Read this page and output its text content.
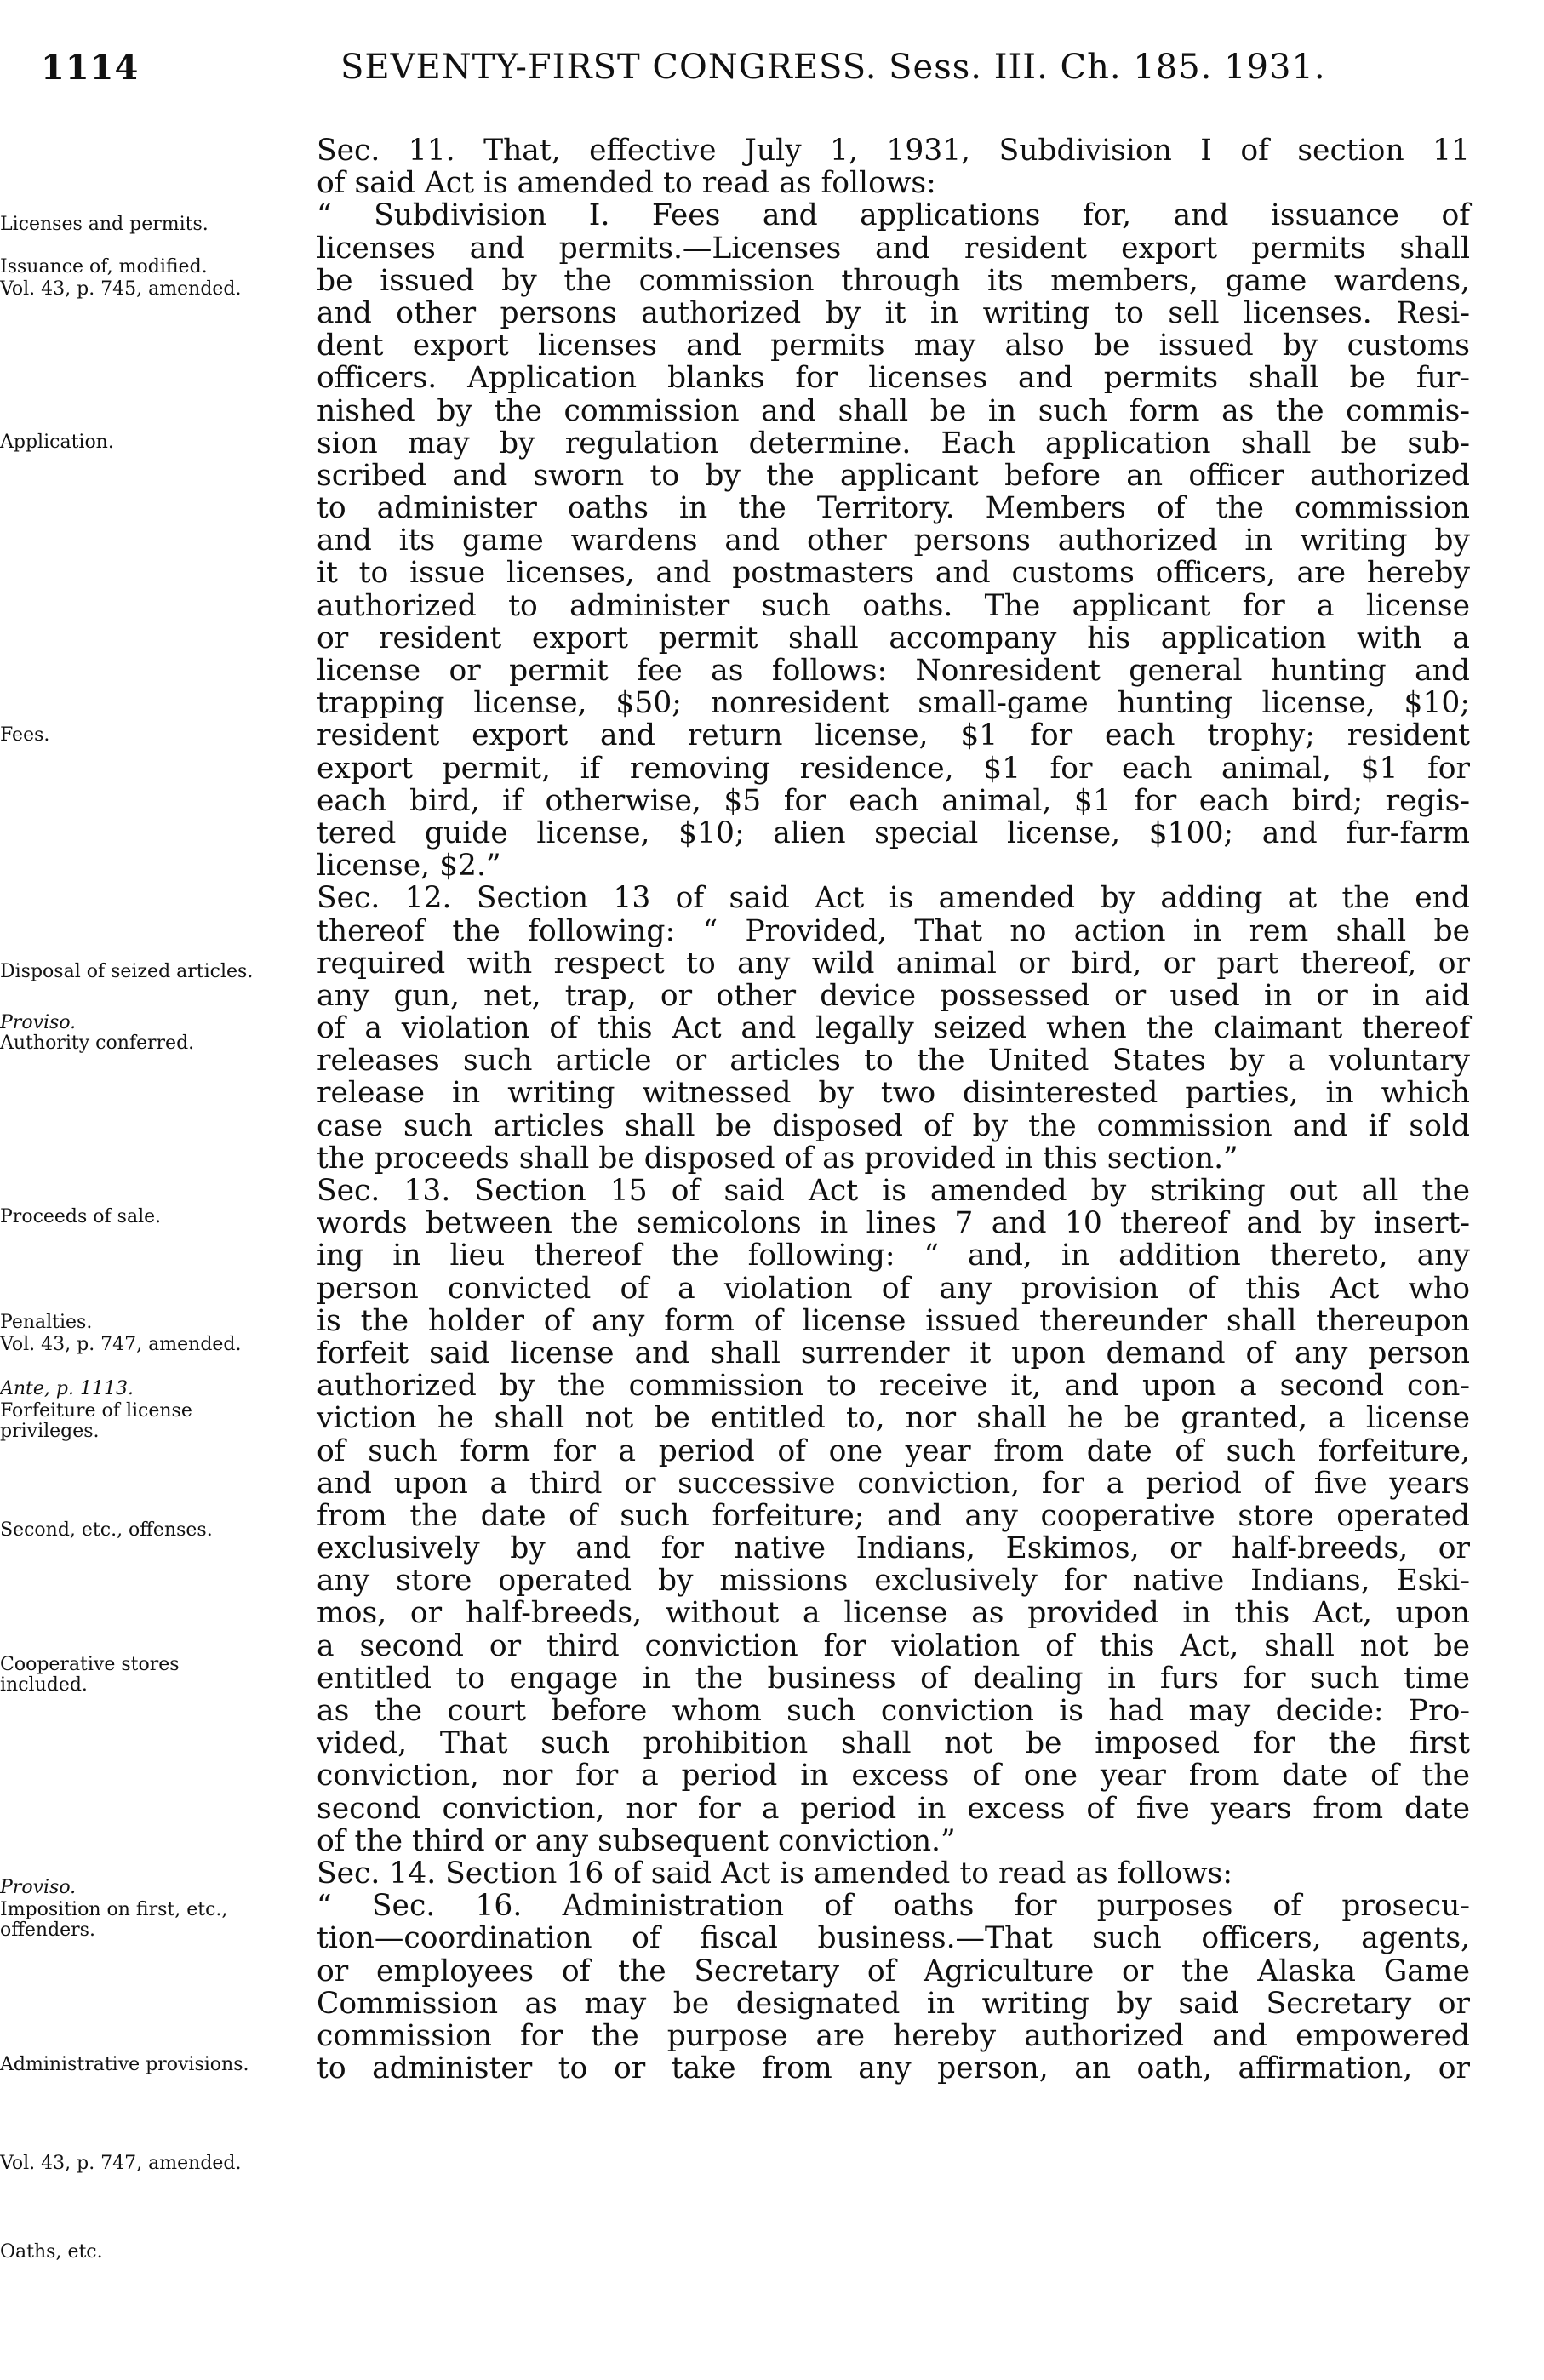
1114	SEVENTY-FIRST CONGRESS. Sess. III. Ch. 185. 1931.
Licenses and permits.
Issuance of, modified.
Vol. 43, p. 745, amended.
Application.
Fees.
Disposal of seized articles.
Proviso.
Authority conferred.
Proceeds of sale.
Penalties.
Vol. 43, p. 747, amended.
Ante, p. 1113.
Forfeiture of license privileges.
Second, etc., offenses.
Cooperative stores included.
Proviso.
Imposition on first, etc., offenders.
Administrative provisions.
Vol. 43, p. 747, amended.
Oaths, etc.
Sec. 11. That, effective July 1, 1931, Subdivision I of section 11
of said Act is amended to read as follows:
“ Subdivision I. Fees and applications for, and issuance of
licenses and permits.—Licenses and resident export permits shall
be issued by the commission through its members, game wardens,
and other persons authorized by it in writing to sell licenses. Resi-
dent export licenses and permits may also be issued by customs
officers. Application blanks for licenses and permits shall be fur-
nished by the commission and shall be in such form as the commis-
sion may by regulation determine. Each application shall be sub-
scribed and sworn to by the applicant before an officer authorized
to administer oaths in the Territory. Members of the commission
and its game wardens and other persons authorized in writing by
it to issue licenses, and postmasters and customs officers, are hereby
authorized to administer such oaths. The applicant for a license
or resident export permit shall accompany his application with a
license or permit fee as follows: Nonresident general hunting and
trapping license, $50; nonresident small-game hunting license, $10;
resident export and return license, $1 for each trophy; resident
export permit, if removing residence, $1 for each animal, $1 for
each bird, if otherwise, $5 for each animal, $1 for each bird; regis-
tered guide license, $10; alien special license, $100; and fur-farm
license, $2.”
Sec. 12. Section 13 of said Act is amended by adding at the end
thereof the following: “ Provided, That no action in rem shall be
required with respect to any wild animal or bird, or part thereof, or
any gun, net, trap, or other device possessed or used in or in aid
of a violation of this Act and legally seized when the claimant thereof
releases such article or articles to the United States by a voluntary
release in writing witnessed by two disinterested parties, in which
case such articles shall be disposed of by the commission and if sold
the proceeds shall be disposed of as provided in this section.”
Sec. 13. Section 15 of said Act is amended by striking out all the
words between the semicolons in lines 7 and 10 thereof and by insert-
ing in lieu thereof the following: “ and, in addition thereto, any
person convicted of a violation of any provision of this Act who
is the holder of any form of license issued thereunder shall thereupon
forfeit said license and shall surrender it upon demand of any person
authorized by the commission to receive it, and upon a second con-
viction he shall not be entitled to, nor shall he be granted, a license
of such form for a period of one year from date of such forfeiture,
and upon a third or successive conviction, for a period of five years
from the date of such forfeiture; and any cooperative store operated
exclusively by and for native Indians, Eskimos, or half-breeds, or
any store operated by missions exclusively for native Indians, Eski-
mos, or half-breeds, without a license as provided in this Act, upon
a second or third conviction for violation of this Act, shall not be
entitled to engage in the business of dealing in furs for such time
as the court before whom such conviction is had may decide: Pro-
vided, That such prohibition shall not be imposed for the first
conviction, nor for a period in excess of one year from date of the
second conviction, nor for a period in excess of five years from date
of the third or any subsequent conviction.”
Sec. 14. Section 16 of said Act is amended to read as follows:
“ Sec. 16. Administration of oaths for purposes of prosecu-
tion—coordination of fiscal business.—That such officers, agents,
or employees of the Secretary of Agriculture or the Alaska Game
Commission as may be designated in writing by said Secretary or
commission for the purpose are hereby authorized and empowered
to administer to or take from any person, an oath, affirmation, or
